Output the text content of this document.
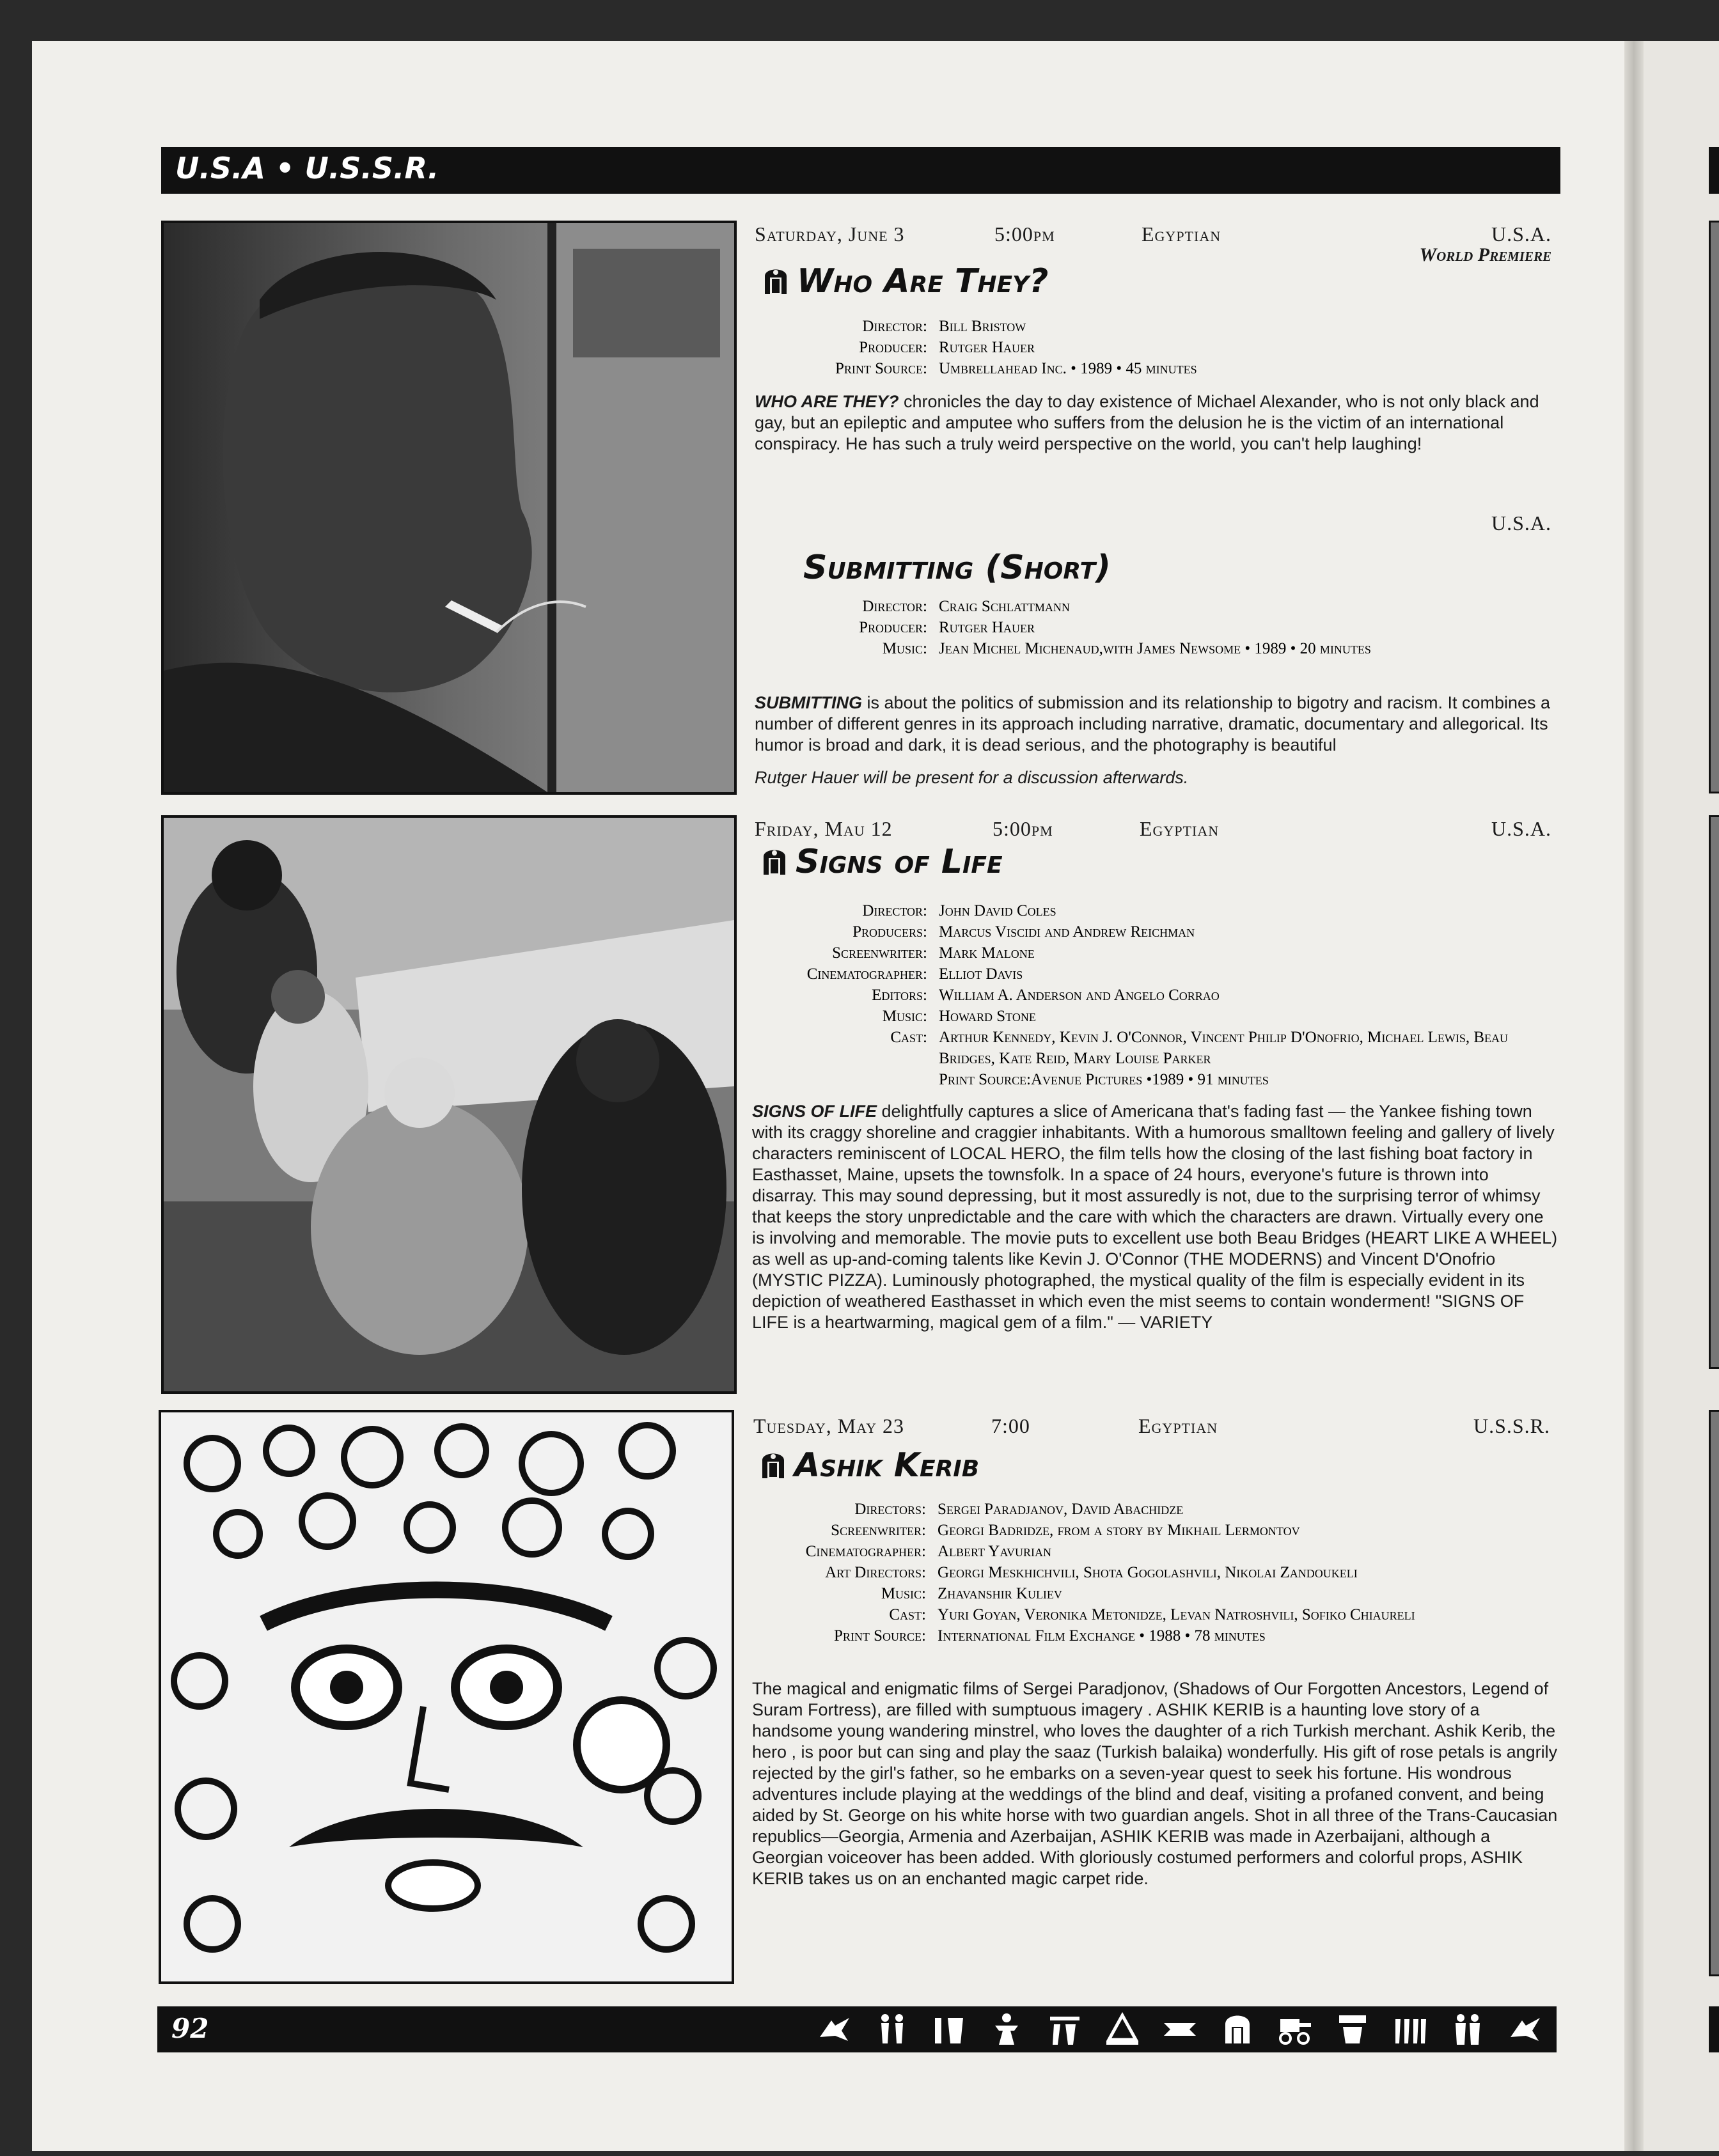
U.S.A • U.S.S.R.
Saturday, June 3	5:00pm	Egyptian	U.S.A.
World Premiere
Who Are They?
Director: Bill Bristow
Producer: Rutger Hauer
Print Source: Umbrellahead Inc. • 1989 • 45 minutes
WHO ARE THEY? chronicles the day to day existence of Michael Alexander, who is not only black and gay, but an epileptic and amputee who suffers from the delusion he is the victim of an international conspiracy. He has such a truly weird perspective on the world, you can't help laughing!
U.S.A.
Submitting (Short)
Director: Craig Schlattmann
Producer: Rutger Hauer
Music: Jean Michel Michenaud,with James Newsome • 1989 • 20 minutes
SUBMITTING is about the politics of submission and its relationship to bigotry and racism. It combines a number of different genres in its approach including narrative, dramatic, documentary and allegorical. Its humor is broad and dark, it is dead serious, and the photography is beautiful
Rutger Hauer will be present for a discussion afterwards.
Friday, Mau 12	5:00pm	Egyptian	U.S.A.
Signs of Life
Director: John David Coles
Producers: Marcus Viscidi and Andrew Reichman
Screenwriter: Mark Malone
Cinematographer: Elliot Davis
Editors: William A. Anderson and Angelo Corrao
Music: Howard Stone
Cast: Arthur Kennedy, Kevin J. O'Connor, Vincent Philip D'Onofrio, Michael Lewis, Beau Bridges, Kate Reid, Mary Louise Parker
Print Source:Avenue Pictures •1989 • 91 minutes
SIGNS OF LIFE delightfully captures a slice of Americana that's fading fast — the Yankee fishing town with its craggy shoreline and craggier inhabitants. With a humorous smalltown feeling and gallery of lively characters reminiscent of LOCAL HERO, the film tells how the closing of the last fishing boat factory in Easthasset, Maine, upsets the townsfolk. In a space of 24 hours, everyone's future is thrown into disarray. This may sound depressing, but it most assuredly is not, due to the surprising terror of whimsy that keeps the story unpredictable and the care with which the characters are drawn. Virtually every one is involving and memorable. The movie puts to excellent use both Beau Bridges (HEART LIKE A WHEEL) as well as up-and-coming talents like Kevin J. O'Connor (THE MODERNS) and Vincent D'Onofrio (MYSTIC PIZZA). Luminously photographed, the mystical quality of the film is especially evident in its depiction of weathered Easthasset in which even the mist seems to contain wonderment! "SIGNS OF LIFE is a heartwarming, magical gem of a film." — VARIETY
Tuesday, May 23	7:00	Egyptian	U.S.S.R.
Ashik Kerib
Directors: Sergei Paradjanov, David Abachidze
Screenwriter: Georgi Badridze, from a story by Mikhail Lermontov
Cinematographer: Albert Yavurian
Art Directors: Georgi Meskhichvili, Shota Gogolashvili, Nikolai Zandoukeli
Music: Zhavanshir Kuliev
Cast: Yuri Goyan, Veronika Metonidze, Levan Natroshvili, Sofiko Chiaureli
Print Source: International Film Exchange • 1988 • 78 minutes
The magical and enigmatic films of Sergei Paradjonov, (Shadows of Our Forgotten Ancestors, Legend of Suram Fortress), are filled with sumptuous imagery . ASHIK KERIB is a haunting love story of a handsome young wandering minstrel, who loves the daughter of a rich Turkish merchant. Ashik Kerib, the hero , is poor but can sing and play the saaz (Turkish balaika) wonderfully. His gift of rose petals is angrily rejected by the girl's father, so he embarks on a seven-year quest to seek his fortune. His wondrous adventures include playing at the weddings of the blind and deaf, visiting a profaned convent, and being aided by St. George on his white horse with two guardian angels. Shot in all three of the Trans-Caucasian republics—Georgia, Armenia and Azerbaijan, ASHIK KERIB was made in Azerbaijani, although a Georgian voiceover has been added. With gloriously costumed performers and colorful props, ASHIK KERIB takes us on an enchanted magic carpet ride.
92
